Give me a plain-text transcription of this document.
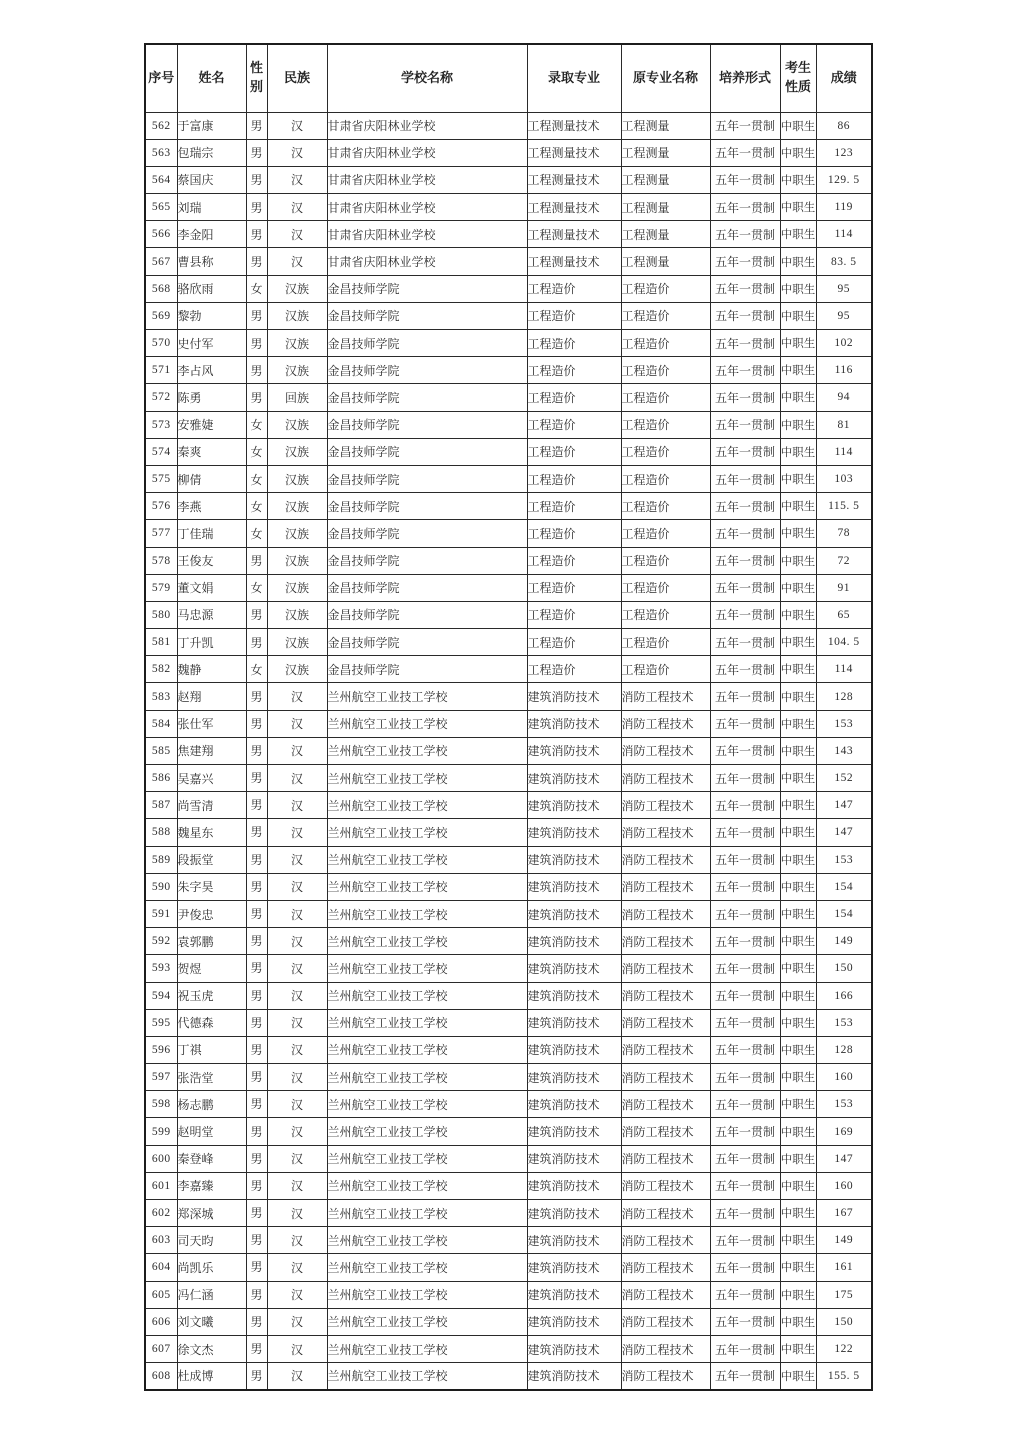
序号	姓名	性别	民族	学校名称	录取专业	原专业名称	培养形式	考生性质	成绩
562	于富康	男	汉	甘肃省庆阳林业学校	工程测量技术	工程测量	五年一贯制	中职生	86
563	包瑞宗	男	汉	甘肃省庆阳林业学校	工程测量技术	工程测量	五年一贯制	中职生	123
564	蔡国庆	男	汉	甘肃省庆阳林业学校	工程测量技术	工程测量	五年一贯制	中职生	129. 5
565	刘瑞	男	汉	甘肃省庆阳林业学校	工程测量技术	工程测量	五年一贯制	中职生	119
566	李金阳	男	汉	甘肃省庆阳林业学校	工程测量技术	工程测量	五年一贯制	中职生	114
567	曹县称	男	汉	甘肃省庆阳林业学校	工程测量技术	工程测量	五年一贯制	中职生	83. 5
568	骆欣雨	女	汉族	金昌技师学院	工程造价	工程造价	五年一贯制	中职生	95
569	黎勃	男	汉族	金昌技师学院	工程造价	工程造价	五年一贯制	中职生	95
570	史付军	男	汉族	金昌技师学院	工程造价	工程造价	五年一贯制	中职生	102
571	李占风	男	汉族	金昌技师学院	工程造价	工程造价	五年一贯制	中职生	116
572	陈勇	男	回族	金昌技师学院	工程造价	工程造价	五年一贯制	中职生	94
573	安雅婕	女	汉族	金昌技师学院	工程造价	工程造价	五年一贯制	中职生	81
574	秦爽	女	汉族	金昌技师学院	工程造价	工程造价	五年一贯制	中职生	114
575	柳倩	女	汉族	金昌技师学院	工程造价	工程造价	五年一贯制	中职生	103
576	李燕	女	汉族	金昌技师学院	工程造价	工程造价	五年一贯制	中职生	115. 5
577	丁佳瑞	女	汉族	金昌技师学院	工程造价	工程造价	五年一贯制	中职生	78
578	王俊友	男	汉族	金昌技师学院	工程造价	工程造价	五年一贯制	中职生	72
579	董文娟	女	汉族	金昌技师学院	工程造价	工程造价	五年一贯制	中职生	91
580	马忠源	男	汉族	金昌技师学院	工程造价	工程造价	五年一贯制	中职生	65
581	丁升凯	男	汉族	金昌技师学院	工程造价	工程造价	五年一贯制	中职生	104. 5
582	魏静	女	汉族	金昌技师学院	工程造价	工程造价	五年一贯制	中职生	114
583	赵翔	男	汉	兰州航空工业技工学校	建筑消防技术	消防工程技术	五年一贯制	中职生	128
584	张仕军	男	汉	兰州航空工业技工学校	建筑消防技术	消防工程技术	五年一贯制	中职生	153
585	焦建翔	男	汉	兰州航空工业技工学校	建筑消防技术	消防工程技术	五年一贯制	中职生	143
586	吴嘉兴	男	汉	兰州航空工业技工学校	建筑消防技术	消防工程技术	五年一贯制	中职生	152
587	尚雪清	男	汉	兰州航空工业技工学校	建筑消防技术	消防工程技术	五年一贯制	中职生	147
588	魏星东	男	汉	兰州航空工业技工学校	建筑消防技术	消防工程技术	五年一贯制	中职生	147
589	段振堂	男	汉	兰州航空工业技工学校	建筑消防技术	消防工程技术	五年一贯制	中职生	153
590	朱字昊	男	汉	兰州航空工业技工学校	建筑消防技术	消防工程技术	五年一贯制	中职生	154
591	尹俊忠	男	汉	兰州航空工业技工学校	建筑消防技术	消防工程技术	五年一贯制	中职生	154
592	袁郭鹏	男	汉	兰州航空工业技工学校	建筑消防技术	消防工程技术	五年一贯制	中职生	149
593	贺煜	男	汉	兰州航空工业技工学校	建筑消防技术	消防工程技术	五年一贯制	中职生	150
594	祝玉虎	男	汉	兰州航空工业技工学校	建筑消防技术	消防工程技术	五年一贯制	中职生	166
595	代德森	男	汉	兰州航空工业技工学校	建筑消防技术	消防工程技术	五年一贯制	中职生	153
596	丁祺	男	汉	兰州航空工业技工学校	建筑消防技术	消防工程技术	五年一贯制	中职生	128
597	张浩堂	男	汉	兰州航空工业技工学校	建筑消防技术	消防工程技术	五年一贯制	中职生	160
598	杨志鹏	男	汉	兰州航空工业技工学校	建筑消防技术	消防工程技术	五年一贯制	中职生	153
599	赵明堂	男	汉	兰州航空工业技工学校	建筑消防技术	消防工程技术	五年一贯制	中职生	169
600	秦登峰	男	汉	兰州航空工业技工学校	建筑消防技术	消防工程技术	五年一贯制	中职生	147
601	李嘉臻	男	汉	兰州航空工业技工学校	建筑消防技术	消防工程技术	五年一贯制	中职生	160
602	郑深城	男	汉	兰州航空工业技工学校	建筑消防技术	消防工程技术	五年一贯制	中职生	167
603	司天昀	男	汉	兰州航空工业技工学校	建筑消防技术	消防工程技术	五年一贯制	中职生	149
604	尚凯乐	男	汉	兰州航空工业技工学校	建筑消防技术	消防工程技术	五年一贯制	中职生	161
605	冯仁涵	男	汉	兰州航空工业技工学校	建筑消防技术	消防工程技术	五年一贯制	中职生	175
606	刘文曦	男	汉	兰州航空工业技工学校	建筑消防技术	消防工程技术	五年一贯制	中职生	150
607	徐文杰	男	汉	兰州航空工业技工学校	建筑消防技术	消防工程技术	五年一贯制	中职生	122
608	杜成博	男	汉	兰州航空工业技工学校	建筑消防技术	消防工程技术	五年一贯制	中职生	155. 5
